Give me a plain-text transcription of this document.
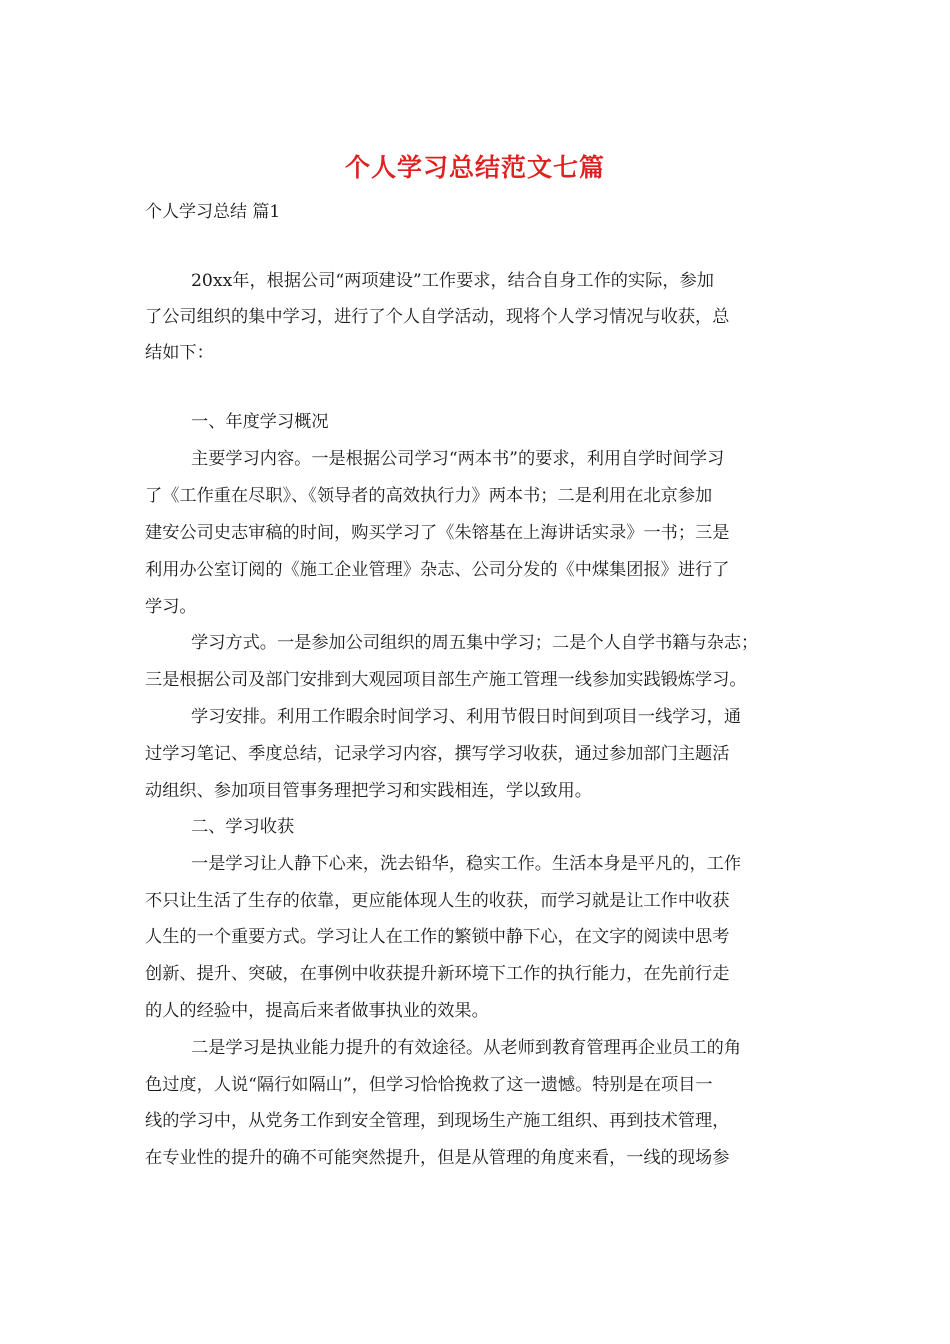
个人学习总结范文七篇
个人学习总结 篇1
20xx年，根据公司“两项建设”工作要求，结合自身工作的实际，参加
了公司组织的集中学习，进行了个人自学活动，现将个人学习情况与收获，总
结如下：
一、年度学习概况
主要学习内容。一是根据公司学习“两本书”的要求，利用自学时间学习
了《工作重在尽职》、《领导者的高效执行力》两本书；二是利用在北京参加
建安公司史志审稿的时间，购买学习了《朱镕基在上海讲话实录》一书；三是
利用办公室订阅的《施工企业管理》杂志、公司分发的《中煤集团报》进行了
学习。
学习方式。一是参加公司组织的周五集中学习；二是个人自学书籍与杂志；
三是根据公司及部门安排到大观园项目部生产施工管理一线参加实践锻炼学习。
学习安排。利用工作暇余时间学习、利用节假日时间到项目一线学习，通
过学习笔记、季度总结，记录学习内容，撰写学习收获，通过参加部门主题活
动组织、参加项目管事务理把学习和实践相连，学以致用。
二、学习收获
一是学习让人静下心来，洗去铅华，稳实工作。生活本身是平凡的，工作
不只让生活了生存的依靠，更应能体现人生的收获，而学习就是让工作中收获
人生的一个重要方式。学习让人在工作的繁锁中静下心，在文字的阅读中思考
创新、提升、突破，在事例中收获提升新环境下工作的执行能力，在先前行走
的人的经验中，提高后来者做事执业的效果。
二是学习是执业能力提升的有效途径。从老师到教育管理再企业员工的角
色过度，人说“隔行如隔山”，但学习恰恰挽救了这一遗憾。特别是在项目一
线的学习中，从党务工作到安全管理，到现场生产施工组织、再到技术管理，
在专业性的提升的确不可能突然提升，但是从管理的角度来看，一线的现场参
